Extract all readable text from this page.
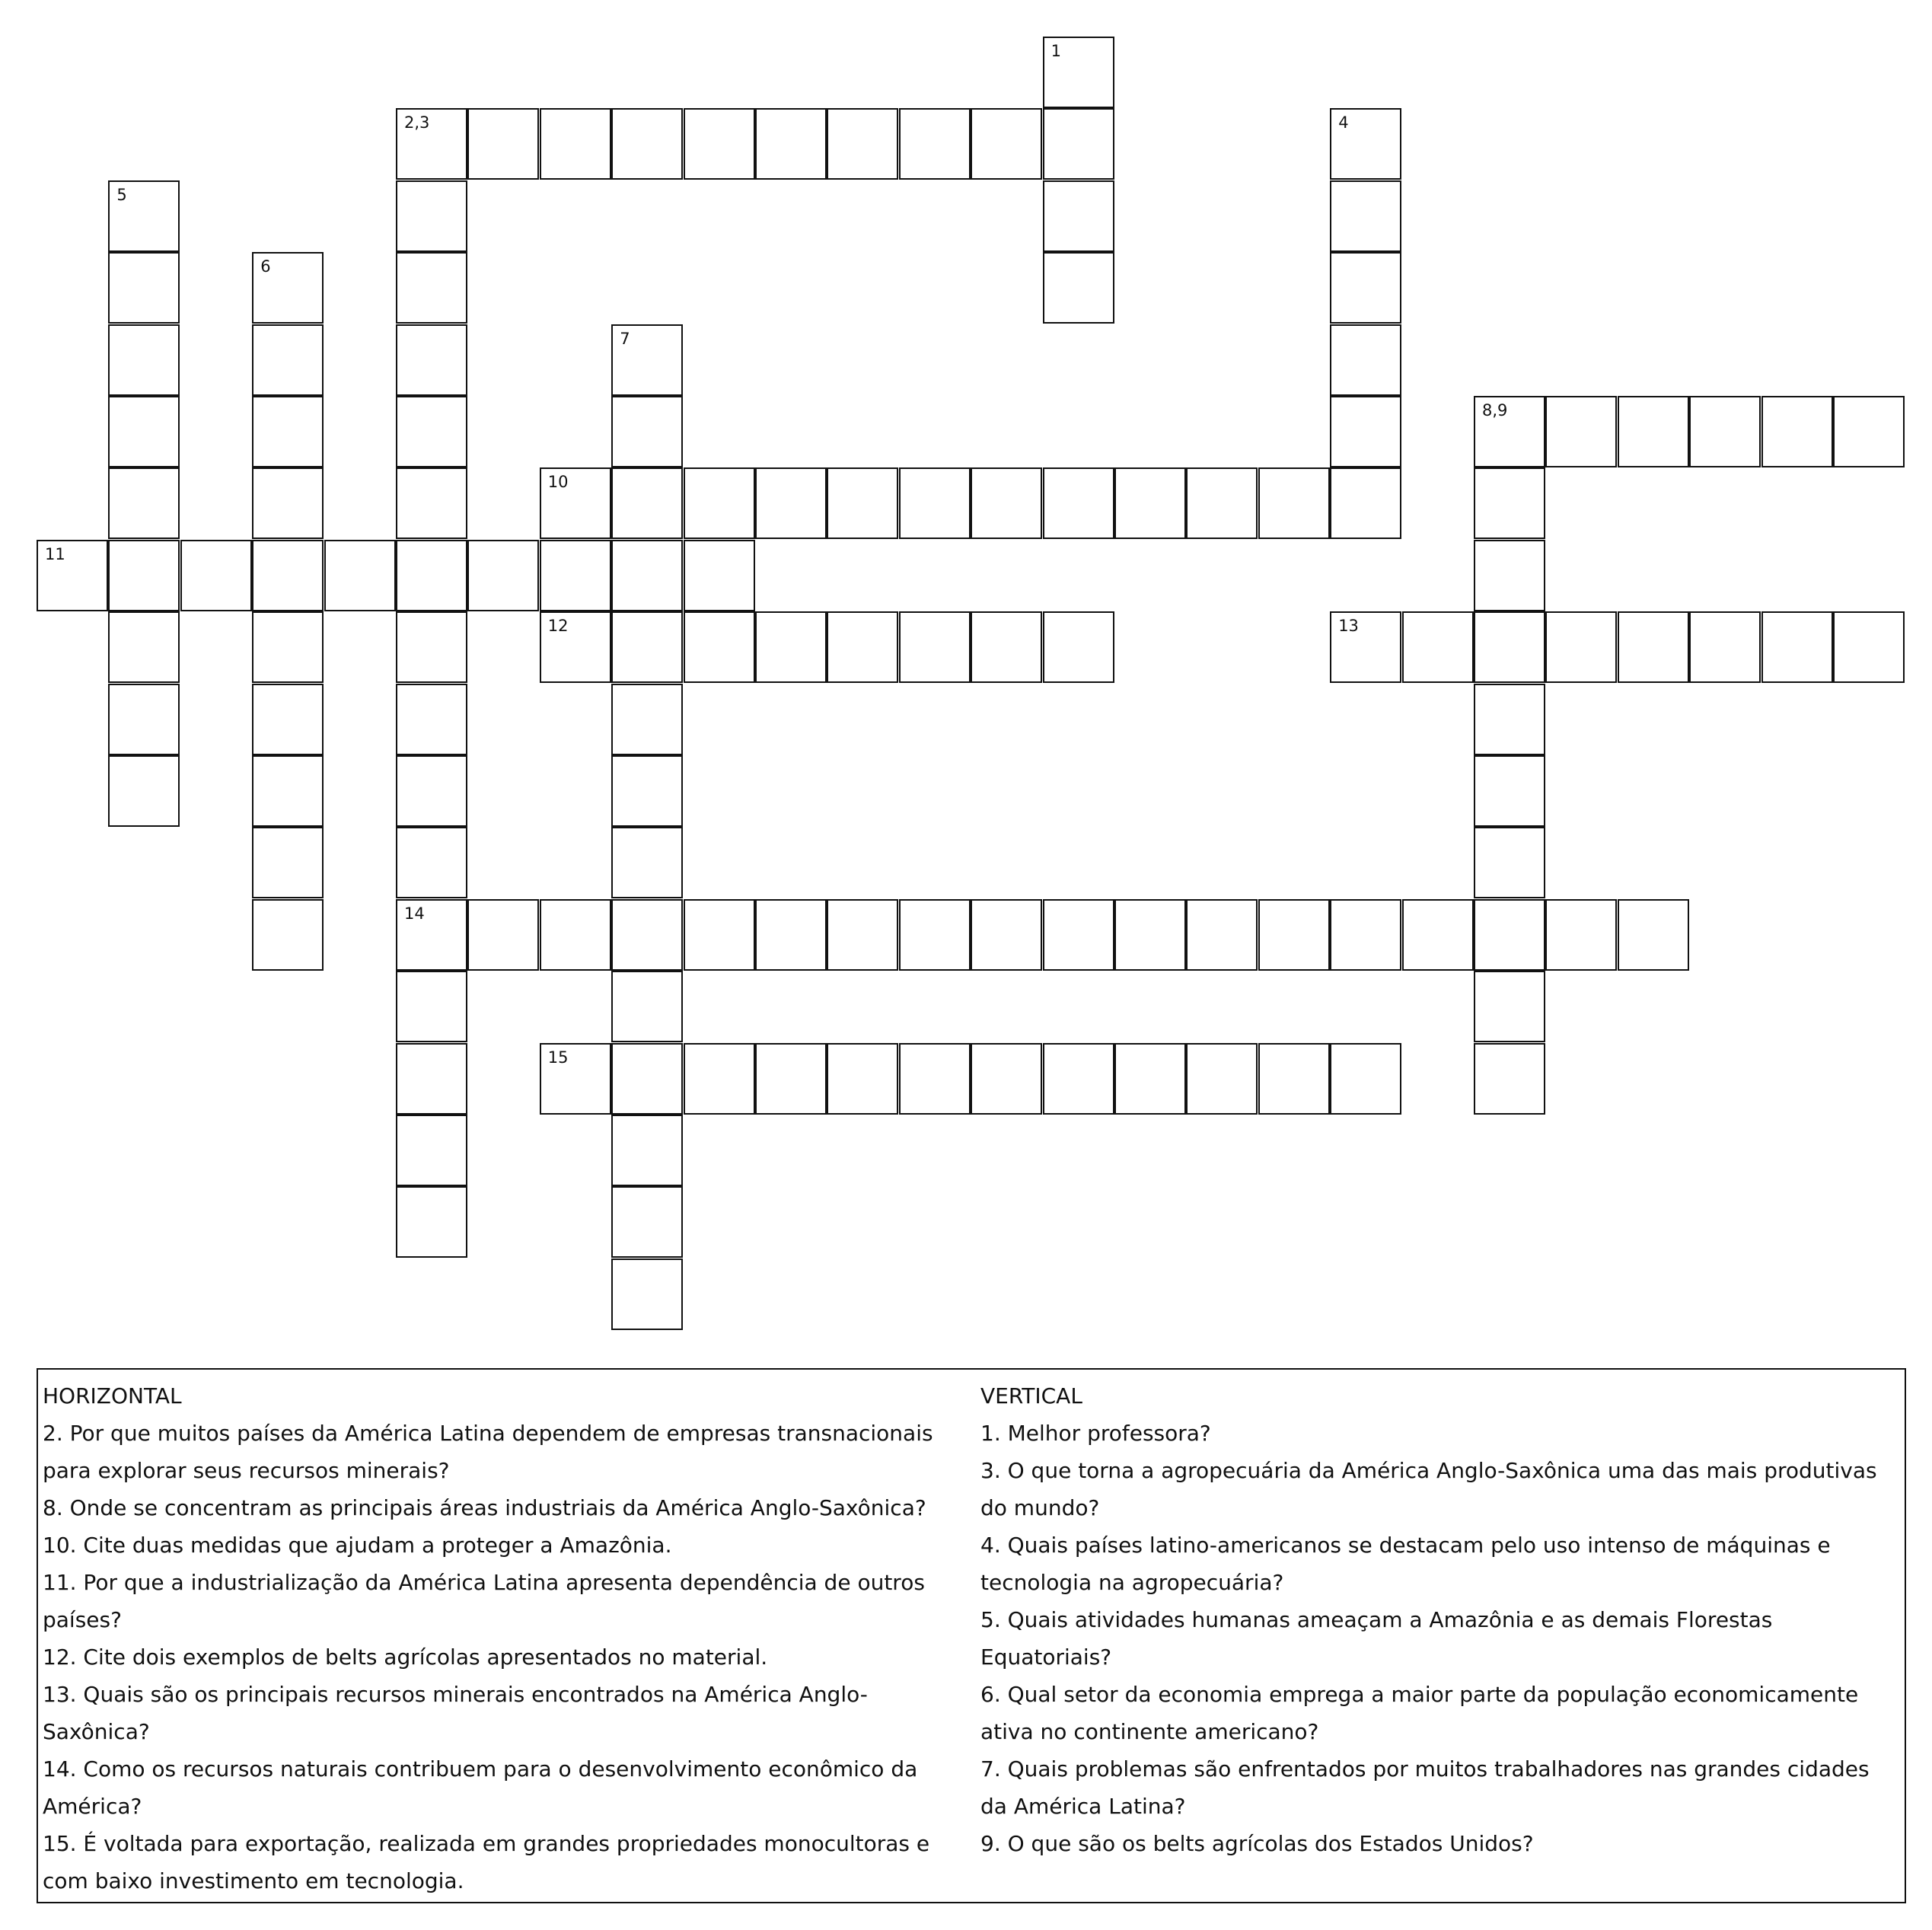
1
2,3
14
4
5
6
7
8,9
10
11
12	13
15
HORIZONTAL
2. Por que muitos países da América Latina dependem de empresas transnacionais para explorar seus recursos minerais?
8. Onde se concentram as principais áreas industriais da América Anglo-Saxônica?
10. Cite duas medidas que ajudam a proteger a Amazônia.
11. Por que a industrialização da América Latina apresenta dependência de outros países?
12. Cite dois exemplos de belts agrícolas apresentados no material.
13. Quais são os principais recursos minerais encontrados na América Anglo-Saxônica?
14. Como os recursos naturais contribuem para o desenvolvimento econômico da América?
15. É voltada para exportação, realizada em grandes propriedades monocultoras e com baixo investimento em tecnologia.
VERTICAL
1. Melhor professora?
3. O que torna a agropecuária da América Anglo-Saxônica uma das mais produtivas do mundo?
4. Quais países latino-americanos se destacam pelo uso intenso de máquinas e tecnologia na agropecuária?
5. Quais atividades humanas ameaçam a Amazônia e as demais Florestas Equatoriais?
6. Qual setor da economia emprega a maior parte da população economicamente ativa no continente americano?
7. Quais problemas são enfrentados por muitos trabalhadores nas grandes cidades da América Latina?
9. O que são os belts agrícolas dos Estados Unidos?
